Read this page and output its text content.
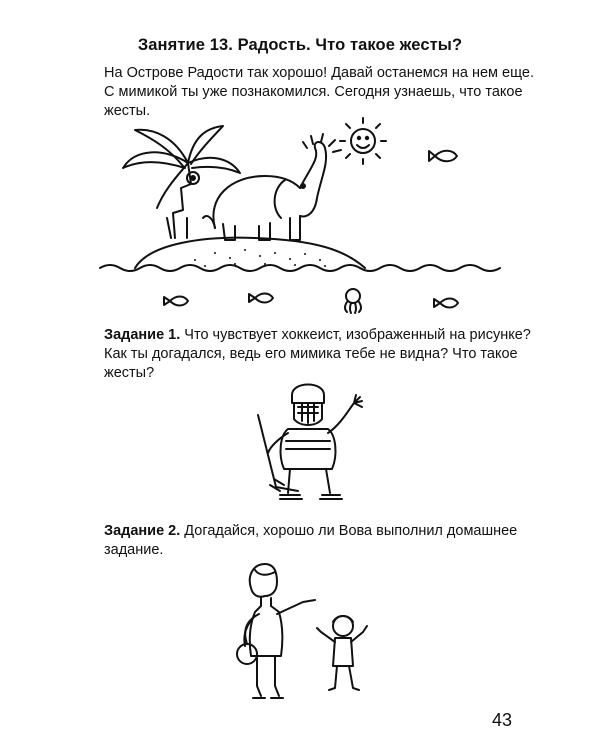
Занятие 13. Радость. Что такое жесты?
На Острове Радости так хорошо! Давай останемся на нем еще.
С мимикой ты уже познакомился. Сегодня узнаешь, что такое
жесты.
Задание 1. Что чувствует хоккеист, изображенный на рисунке?
Как ты догадался, ведь его мимика тебе не видна? Что такое
жесты?
Задание 2. Догадайся, хорошо ли Вова выполнил домашнее
задание.
43
